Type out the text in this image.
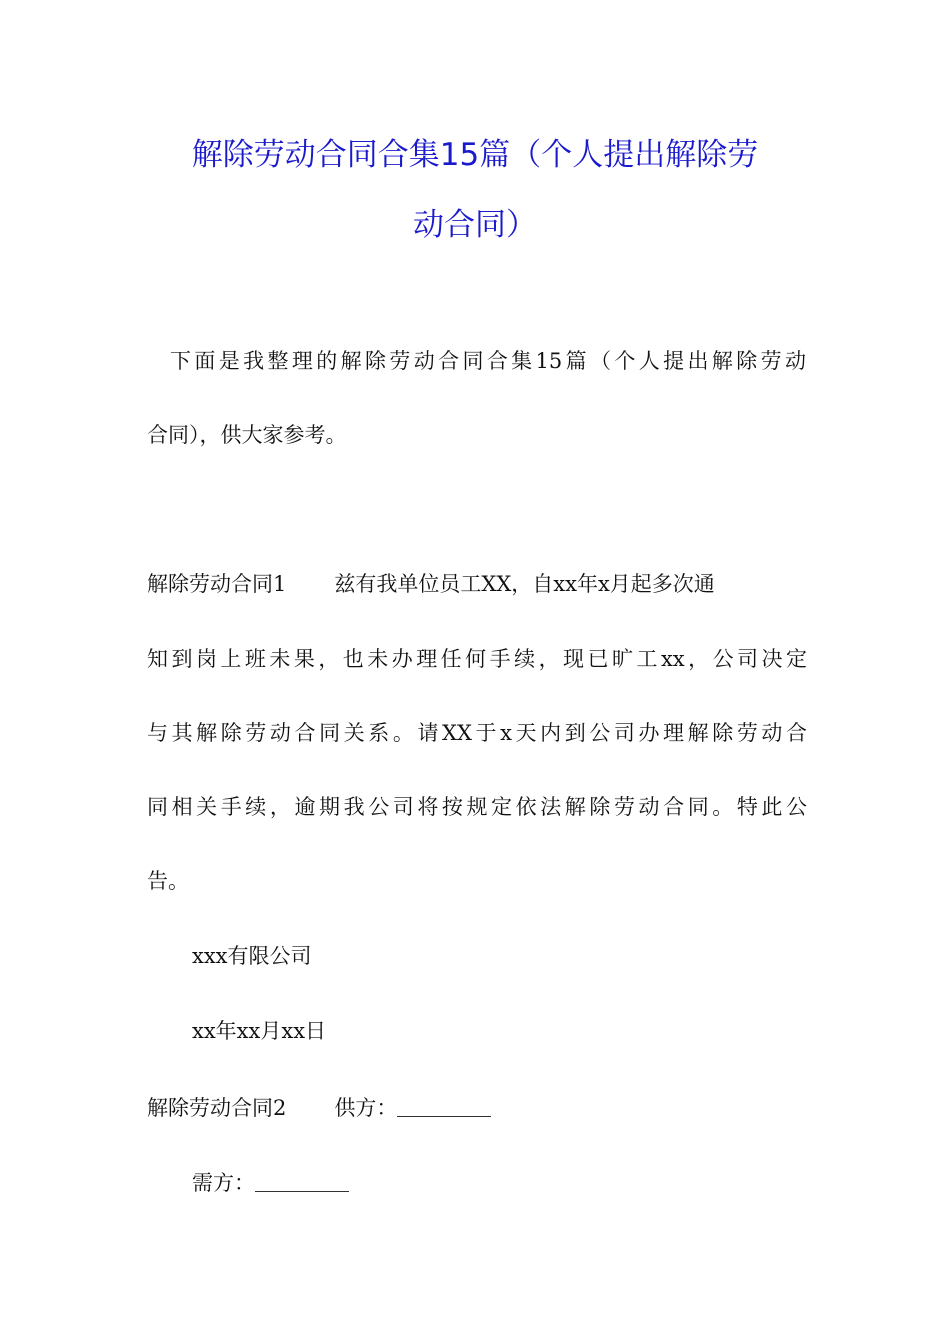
解除劳动合同合集15篇（个人提出解除劳
动合同）
下面是我整理的解除劳动合同合集15篇（个人提出解除劳动
合同），供大家参考。
解除劳动合同1 兹有我单位员工XX，自xx年x月起多次通
知到岗上班未果，也未办理任何手续，现已旷工xx，公司决定
与其解除劳动合同关系。请XX于x天内到公司办理解除劳动合
同相关手续，逾期我公司将按规定依法解除劳动合同。特此公
告。
xxx有限公司
xx年xx月xx日
解除劳动合同2 供方：
需方：
